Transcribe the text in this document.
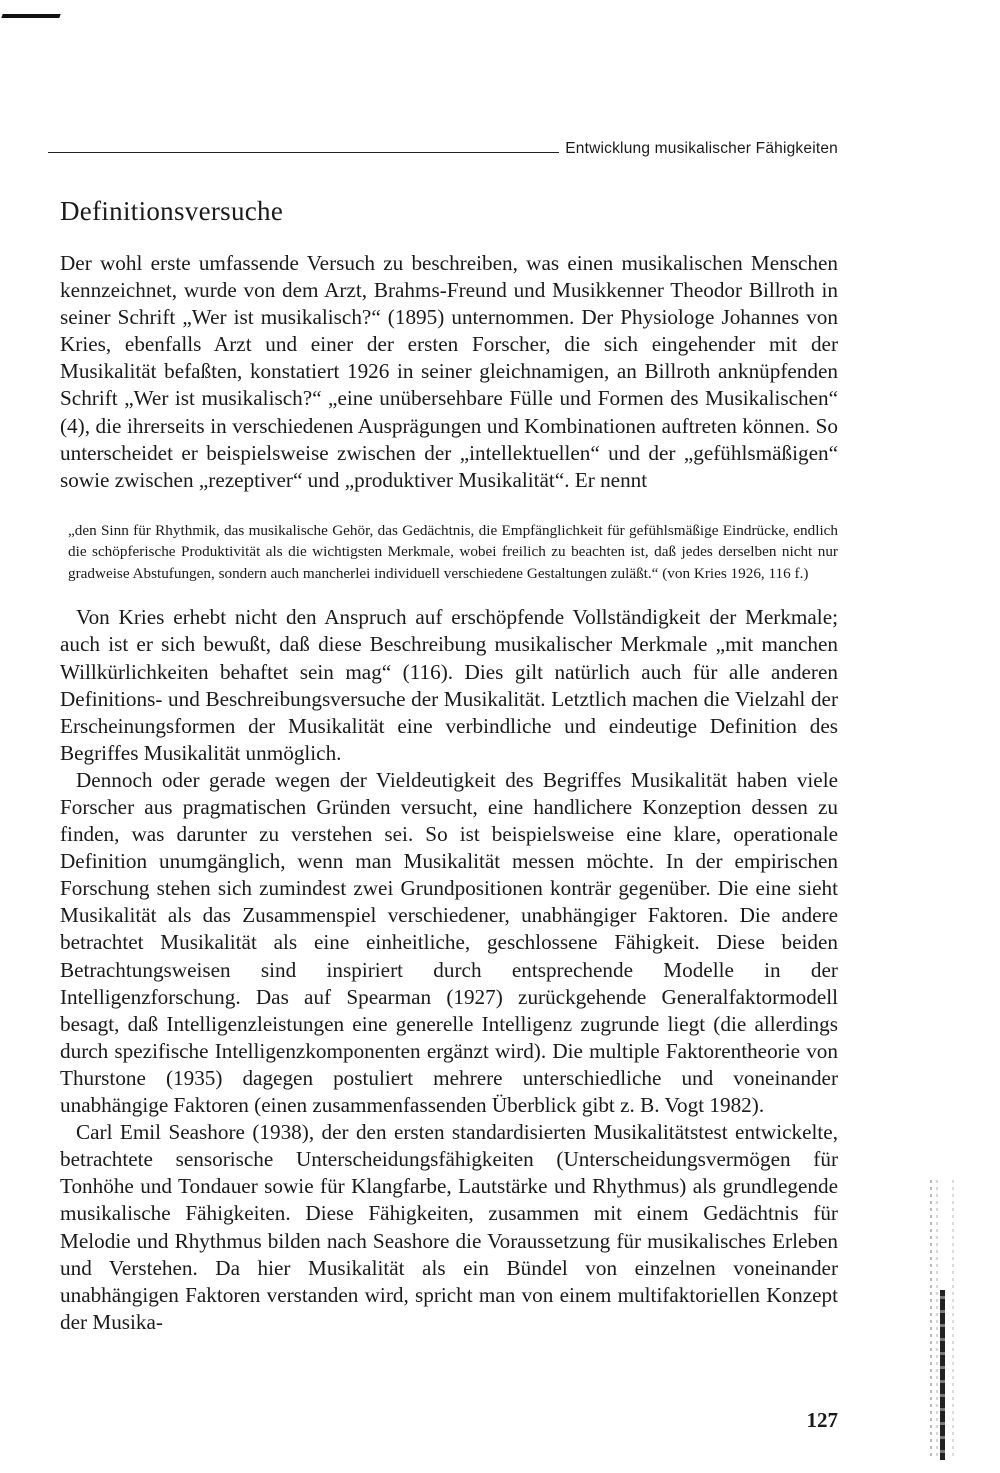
Entwicklung musikalischer Fähigkeiten
Definitionsversuche

Der wohl erste umfassende Versuch zu beschreiben, was einen musikalischen Menschen kennzeichnet, wurde von dem Arzt, Brahms-Freund und Musikkenner Theodor Billroth in seiner Schrift „Wer ist musikalisch?“ (1895) unternommen. Der Physiologe Johannes von Kries, ebenfalls Arzt und einer der ersten Forscher, die sich eingehender mit der Musikalität befaßten, konstatiert 1926 in seiner gleichnamigen, an Billroth anknüpfenden Schrift „Wer ist musikalisch?“ „eine unübersehbare Fülle und Formen des Musikalischen“ (4), die ihrerseits in verschiedenen Ausprägungen und Kombinationen auftreten können. So unterscheidet er beispielsweise zwischen der „intellektuellen“ und der „gefühlsmäßigen“ sowie zwischen „rezeptiver“ und „produktiver Musikalität“. Er nennt

„den Sinn für Rhythmik, das musikalische Gehör, das Gedächtnis, die Empfänglichkeit für gefühlsmäßige Eindrücke, endlich die schöpferische Produktivität als die wichtigsten Merkmale, wobei freilich zu beachten ist, daß jedes derselben nicht nur gradweise Abstufungen, sondern auch mancherlei individuell verschiedene Gestaltungen zuläßt.“ (von Kries 1926, 116 f.)

Von Kries erhebt nicht den Anspruch auf erschöpfende Vollständigkeit der Merkmale; auch ist er sich bewußt, daß diese Beschreibung musikalischer Merkmale „mit manchen Willkürlichkeiten behaftet sein mag“ (116). Dies gilt natürlich auch für alle anderen Definitions- und Beschreibungsversuche der Musikalität. Letztlich machen die Vielzahl der Erscheinungsformen der Musikalität eine verbindliche und eindeutige Definition des Begriffes Musikalität unmöglich.

Dennoch oder gerade wegen der Vieldeutigkeit des Begriffes Musikalität haben viele Forscher aus pragmatischen Gründen versucht, eine handlichere Konzeption dessen zu finden, was darunter zu verstehen sei. So ist beispielsweise eine klare, operationale Definition unumgänglich, wenn man Musikalität messen möchte. In der empirischen Forschung stehen sich zumindest zwei Grundpositionen konträr gegenüber. Die eine sieht Musikalität als das Zusammenspiel verschiedener, unabhängiger Faktoren. Die andere betrachtet Musikalität als eine einheitliche, geschlossene Fähigkeit. Diese beiden Betrachtungsweisen sind inspiriert durch entsprechende Modelle in der Intelligenzforschung. Das auf Spearman (1927) zurückgehende Generalfaktormodell besagt, daß Intelligenzleistungen eine generelle Intelligenz zugrunde liegt (die allerdings durch spezifische Intelligenzkomponenten ergänzt wird). Die multiple Faktorentheorie von Thurstone (1935) dagegen postuliert mehrere unterschiedliche und voneinander unabhängige Faktoren (einen zusammenfassenden Überblick gibt z. B. Vogt 1982).

Carl Emil Seashore (1938), der den ersten standardisierten Musikalitätstest entwickelte, betrachtete sensorische Unterscheidungsfähigkeiten (Unterscheidungsvermögen für Tonhöhe und Tondauer sowie für Klangfarbe, Lautstärke und Rhythmus) als grundlegende musikalische Fähigkeiten. Diese Fähigkeiten, zusammen mit einem Gedächtnis für Melodie und Rhythmus bilden nach Seashore die Voraussetzung für musikalisches Erleben und Verstehen. Da hier Musikalität als ein Bündel von einzelnen voneinander unabhängigen Faktoren verstanden wird, spricht man von einem multifaktoriellen Konzept der Musika-

127
